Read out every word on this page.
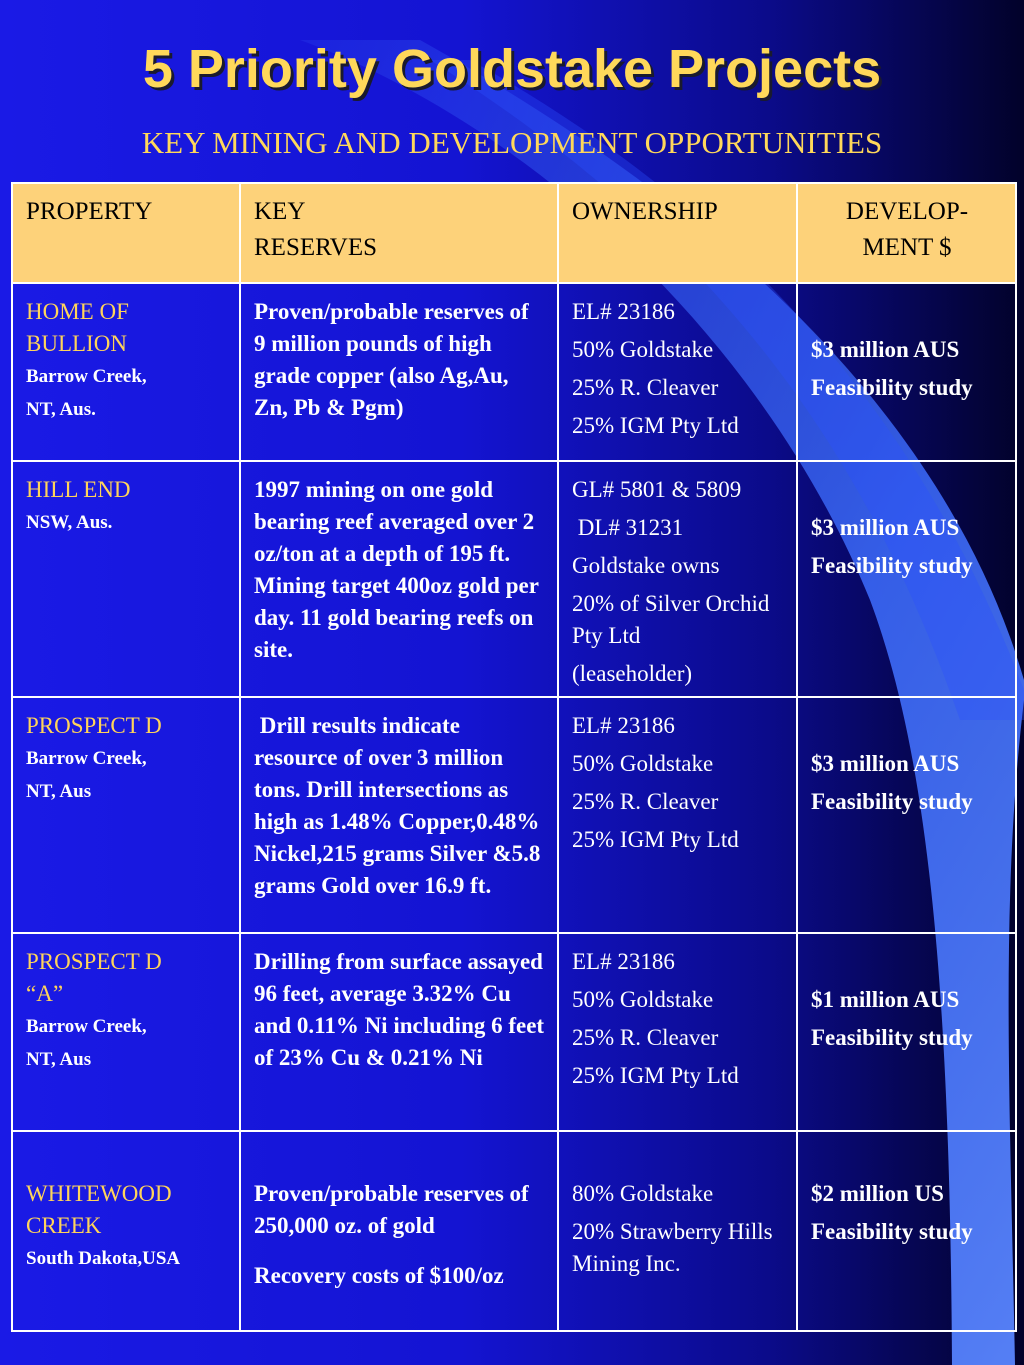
5 Priority Goldstake Projects
KEY MINING AND DEVELOPMENT OPPORTUNITIES
PROPERTY	KEY
RESERVES	OWNERSHIP	DEVELOP-
MENT $

HOME OF
BULLION
Barrow Creek,
NT, Aus.	Proven/probable reserves of 9 million pounds of high grade copper (also Ag,Au, Zn, Pb & Pgm)	EL# 23186
50% Goldstake
25% R. Cleaver
25% IGM Pty Ltd	$3 million AUS
Feasibility study

HILL END
NSW, Aus.	1997 mining on one gold bearing reef averaged over 2 oz/ton at a depth of 195 ft. Mining target 400oz gold per day. 11 gold bearing reefs on site.	GL# 5801 & 5809
DL# 31231
Goldstake owns
20% of Silver Orchid Pty Ltd
(leaseholder)	$3 million AUS
Feasibility study

PROSPECT D
Barrow Creek,
NT, Aus	Drill results indicate resource of over 3 million tons. Drill intersections as high as 1.48% Copper,0.48% Nickel,215 grams Silver &5.8 grams Gold over 16.9 ft.	EL# 23186
50% Goldstake
25% R. Cleaver
25% IGM Pty Ltd	$3 million AUS
Feasibility study

PROSPECT D
“A”
Barrow Creek,
NT, Aus	Drilling from surface assayed 96 feet, average 3.32% Cu and 0.11% Ni including 6 feet of 23% Cu & 0.21% Ni	EL# 23186
50% Goldstake
25% R. Cleaver
25% IGM Pty Ltd	$1 million AUS
Feasibility study

WHITEWOOD
CREEK
South Dakota,USA	Proven/probable reserves of 250,000 oz. of gold
Recovery costs of $100/oz	80% Goldstake
20% Strawberry Hills Mining Inc.	$2 million US
Feasibility study
